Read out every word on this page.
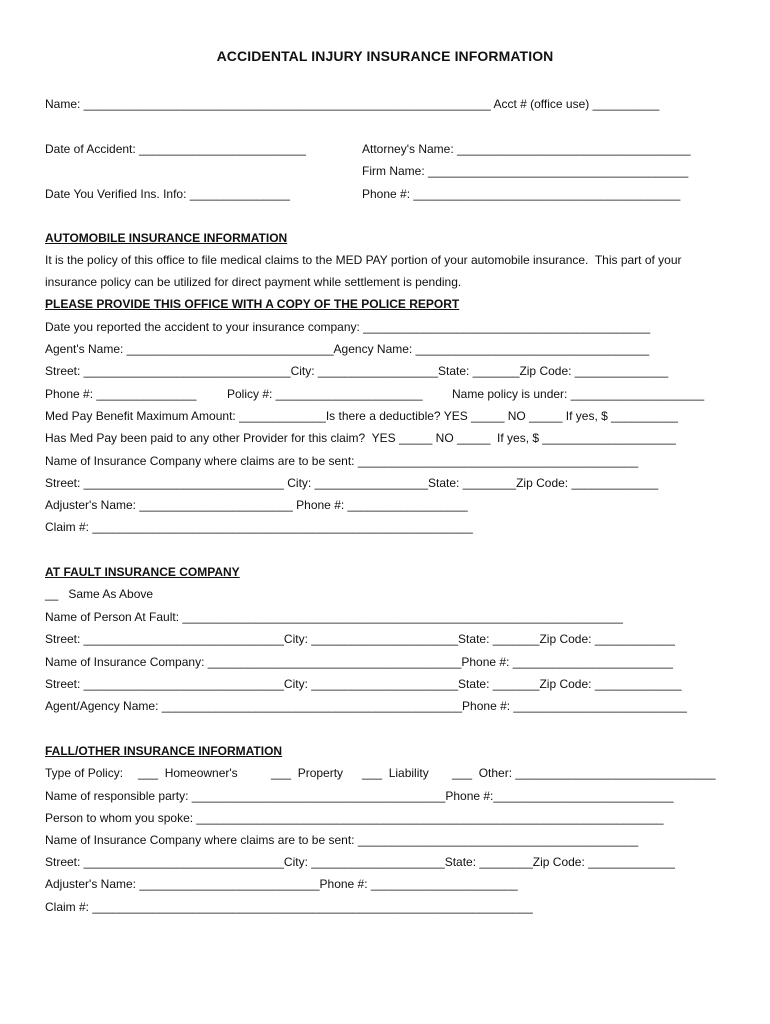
ACCIDENTAL INJURY INSURANCE INFORMATION
Name: _____________________________________________________________ Acct # (office use) __________
Date of Accident: _________________________	Attorney's Name: ___________________________________
Firm Name: _______________________________________
Date You Verified Ins. Info: _______________	Phone #: ________________________________________
AUTOMOBILE INSURANCE INFORMATION
It is the policy of this office to file medical claims to the MED PAY portion of your automobile insurance.  This part of your
insurance policy can be utilized for direct payment while settlement is pending.
PLEASE PROVIDE THIS OFFICE WITH A COPY OF THE POLICE REPORT
Date you reported the accident to your insurance company: ___________________________________________
Agent's Name: _______________________________Agency Name: ___________________________________
Street: _______________________________City: __________________State: _______Zip Code: ______________
Phone #: _______________	Policy #: ______________________ Name policy is under: ____________________
Med Pay Benefit Maximum Amount: _____________Is there a deductible? YES _____ NO _____ If yes, $ __________
Has Med Pay been paid to any other Provider for this claim?  YES _____ NO _____  If yes, $ ____________________
Name of Insurance Company where claims are to be sent: __________________________________________
Street: ______________________________ City: _________________State: ________Zip Code: _____________
Adjuster's Name: _______________________ Phone #: __________________
Claim #: _________________________________________________________
AT FAULT INSURANCE COMPANY
__   Same As Above
Name of Person At Fault: __________________________________________________________________
Street: ______________________________City: ______________________State: _______Zip Code: ____________
Name of Insurance Company: ______________________________________Phone #: ________________________
Street: ______________________________City: ______________________State: _______Zip Code: _____________
Agent/Agency Name: _____________________________________________Phone #: __________________________
FALL/OTHER INSURANCE INFORMATION
Type of Policy: ___  Homeowner's	___  Property ___  Liability ___  Other: ______________________________
Name of responsible party: ______________________________________Phone #:___________________________
Person to whom you spoke: ______________________________________________________________________
Name of Insurance Company where claims are to be sent: __________________________________________
Street: ______________________________City: ____________________State: ________Zip Code: _____________
Adjuster's Name: ___________________________Phone #: ______________________
Claim #: __________________________________________________________________
